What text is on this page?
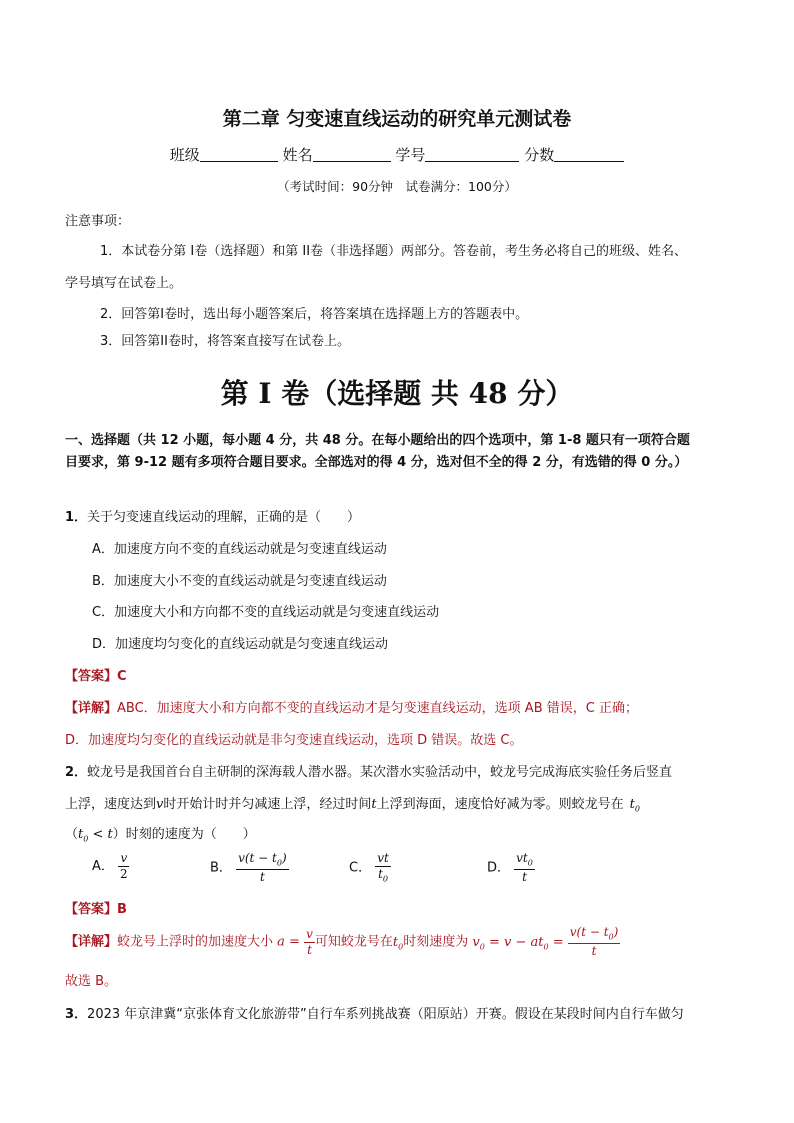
第二章 匀变速直线运动的研究单元测试卷
班级	姓名	学号	分数
（考试时间：90分钟　试卷满分：100分）
注意事项：
1．本试卷分第 I卷（选择题）和第 II卷（非选择题）两部分。答卷前，考生务必将自己的班级、姓名、
学号填写在试卷上。
2．回答第I卷时，选出每小题答案后，将答案填在选择题上方的答题表中。
3．回答第II卷时，将答案直接写在试卷上。
第 I 卷（选择题 共 48 分）
一、选择题（共 12 小题，每小题 4 分，共 48 分。在每小题给出的四个选项中，第 1-8 题只有一项符合题
目要求，第 9-12 题有多项符合题目要求。全部选对的得 4 分，选对但不全的得 2 分，有选错的得 0 分。）
1．关于匀变速直线运动的理解，正确的是（　　）
A．加速度方向不变的直线运动就是匀变速直线运动
B．加速度大小不变的直线运动就是匀变速直线运动
C．加速度大小和方向都不变的直线运动就是匀变速直线运动
D．加速度均匀变化的直线运动就是匀变速直线运动
【答案】C
【详解】ABC．加速度大小和方向都不变的直线运动才是匀变速直线运动，选项 AB 错误，C 正确；
D．加速度均匀变化的直线运动就是非匀变速直线运动，选项 D 错误。故选 C。
2．蛟龙号是我国首台自主研制的深海载人潜水器。某次潜水实验活动中，蛟龙号完成海底实验任务后竖直
上浮，速度达到v时开始计时并匀减速上浮，经过时间t上浮到海面，速度恰好减为零。则蛟龙号在 $t_0$
$(t_0 < t)$时刻的速度为（　　）
A． $\frac{v}{2}$	B． $\frac{v(t - t_0)}{t}$	C． $\frac{vt}{t_0}$	D． $\frac{vt_0}{t}$
【答案】B
【详解】蛟龙号上浮时的加速度大小 $a = \frac{v}{t}$ 可知蛟龙号在$t_0$时刻速度为 $v_0 = v - at_0 = \frac{v(t - t_0)}{t}$
故选 B。
3．2023 年京津冀“京张体育文化旅游带”自行车系列挑战赛（阳原站）开赛。假设在某段时间内自行车做匀
